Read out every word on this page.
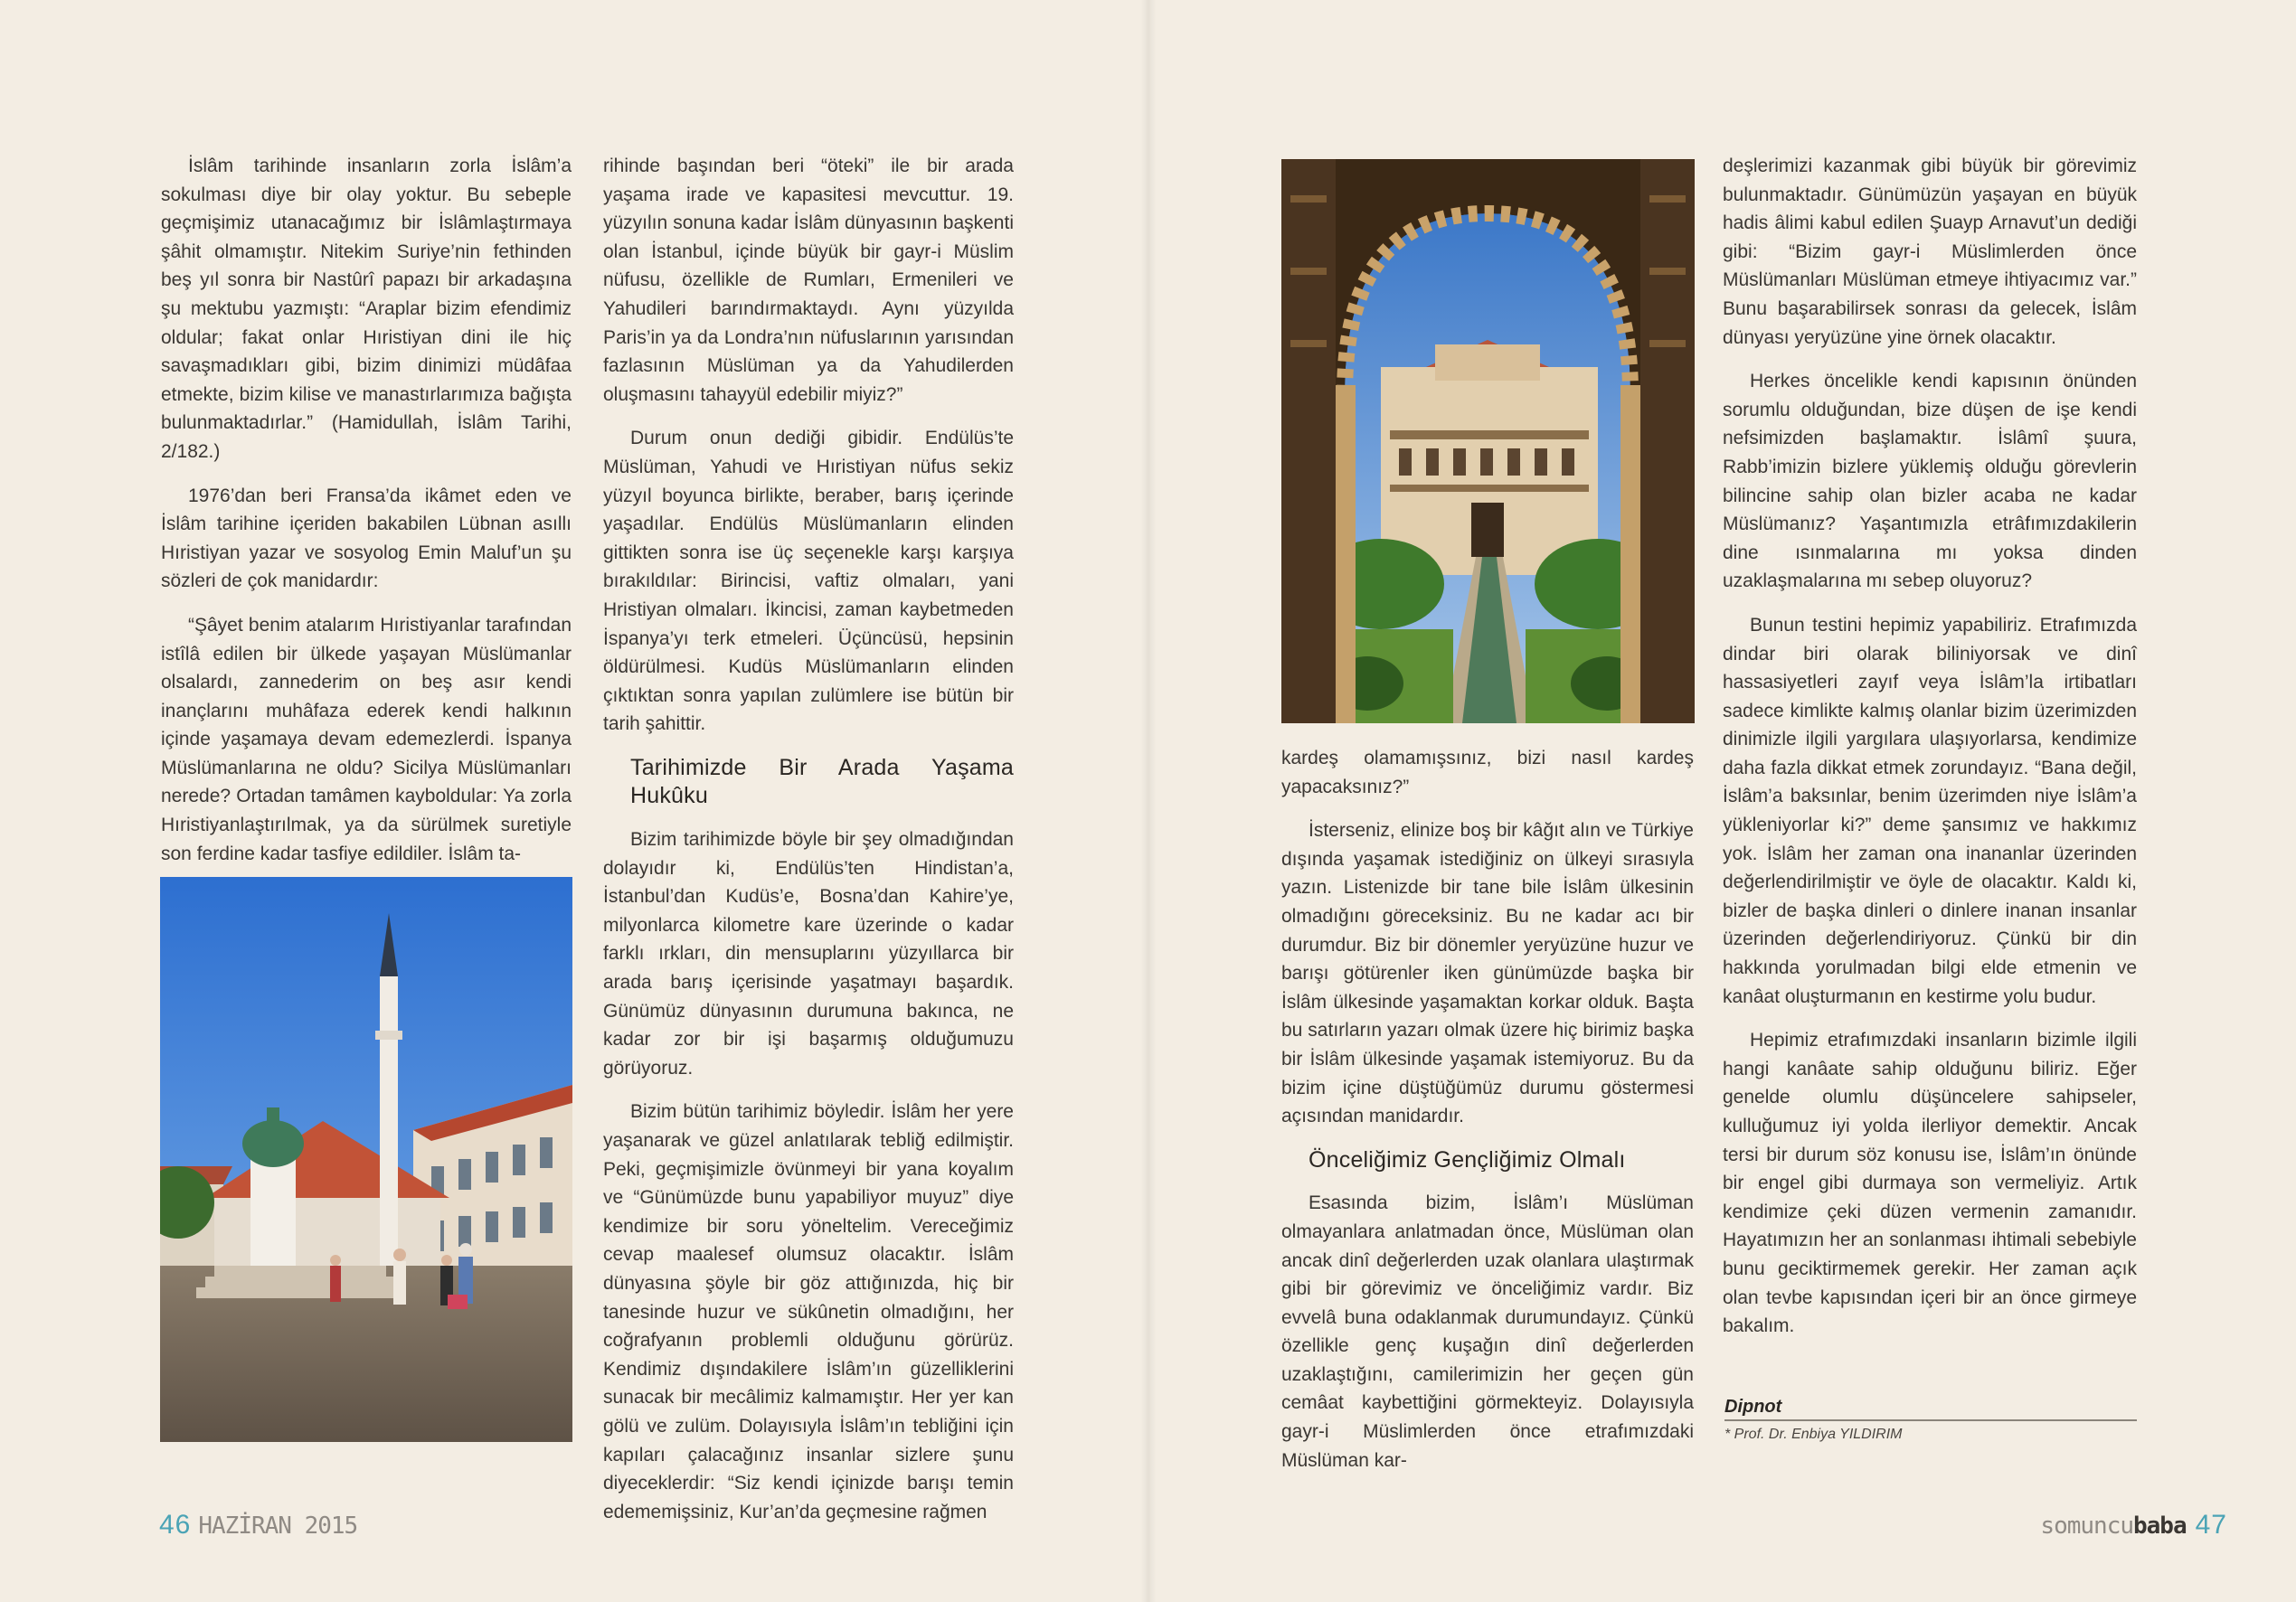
İslâm tarihinde insanların zorla İslâm’a sokulması diye bir olay yoktur. Bu sebeple geçmişimiz utanacağımız bir İslâmlaştırmaya şâhit olmamıştır. Nitekim Suriye’nin fethinden beş yıl sonra bir Nastûrî papazı bir arkadaşına şu mektubu yazmıştı: “Araplar bizim efendimiz oldular; fakat onlar Hıristiyan dini ile hiç savaşmadıkları gibi, bizim dinimizi müdâfaa etmekte, bizim kilise ve manastırlarımıza bağışta bulunmaktadırlar.” (Hamidullah, İslâm Tarihi, 2/182.)

1976’dan beri Fransa’da ikâmet eden ve İslâm tarihine içeriden bakabilen Lübnan asıllı Hıristiyan yazar ve sosyolog Emin Maluf’un şu sözleri de çok manidardır:

“Şâyet benim atalarım Hıristiyanlar tarafından istîlâ edilen bir ülkede yaşayan Müslümanlar olsalardı, zannederim on beş asır kendi inançlarını muhâfaza ederek kendi halkının içinde yaşamaya devam edemezlerdi. İspanya Müslümanlarına ne oldu? Sicilya Müslümanları nerede? Ortadan tamâmen kayboldular: Ya zorla Hıristiyanlaştırılmak, ya da sürülmek suretiyle son ferdine kadar tasfiye edildiler. İslâm ta-

rihinde başından beri “öteki” ile bir arada yaşama irade ve kapasitesi mevcuttur. 19. yüzyılın sonuna kadar İslâm dünyasının başkenti olan İstanbul, içinde büyük bir gayr-i Müslim nüfusu, özellikle de Rumları, Ermenileri ve Yahudileri barındırmaktaydı. Aynı yüzyılda Paris’in ya da Londra’nın nüfuslarının yarısından fazlasının Müslüman ya da Yahudilerden oluşmasını tahayyül edebilir miyiz?”

Durum onun dediği gibidir. Endülüs’te Müslüman, Yahudi ve Hıristiyan nüfus sekiz yüzyıl boyunca birlikte, beraber, barış içerinde yaşadılar. Endülüs Müslümanların elinden gittikten sonra ise üç seçenekle karşı karşıya bırakıldılar: Birincisi, vaftiz olmaları, yani Hristiyan olmaları. İkincisi, zaman kaybetmeden İspanya’yı terk etmeleri. Üçüncüsü, hepsinin öldürülmesi. Kudüs Müslümanların elinden çıktıktan sonra yapılan zulümlere ise bütün bir tarih şahittir.

Tarihimizde Bir Arada Yaşama Hukûku

Bizim tarihimizde böyle bir şey olmadığından dolayıdır ki, Endülüs’ten Hindistan’a, İstanbul’dan Kudüs’e, Bosna’dan Kahire’ye, milyonlarca kilometre kare üzerinde o kadar farklı ırkları, din mensuplarını yüzyıllarca bir arada barış içerisinde yaşatmayı başardık. Günümüz dünyasının durumuna bakınca, ne kadar zor bir işi başarmış olduğumuzu görüyoruz.

Bizim bütün tarihimiz böyledir. İslâm her yere yaşanarak ve güzel anlatılarak tebliğ edilmiştir. Peki, geçmişimizle övünmeyi bir yana koyalım ve “Günümüzde bunu yapabiliyor muyuz” diye kendimize bir soru yöneltelim. Vereceğimiz cevap maalesef olumsuz olacaktır. İslâm dünyasına şöyle bir göz attığınızda, hiç bir tanesinde huzur ve sükûnetin olmadığını, her coğrafyanın problemli olduğunu görürüz. Kendimiz dışındakilere İslâm’ın güzelliklerini sunacak bir mecâlimiz kalmamıştır. Her yer kan gölü ve zulüm. Dolayısıyla İslâm’ın tebliğini için kapıları çalacağınız insanlar sizlere şunu diyeceklerdir: “Siz kendi içinizde barışı temin edememişsiniz, Kur’an’da geçmesine rağmen

46 HAZİRAN 2015

kardeş olamamışsınız, bizi nasıl kardeş yapacaksınız?”

İsterseniz, elinize boş bir kâğıt alın ve Türkiye dışında yaşamak istediğiniz on ülkeyi sırasıyla yazın. Listenizde bir tane bile İslâm ülkesinin olmadığını göreceksiniz. Bu ne kadar acı bir durumdur. Biz bir dönemler yeryüzüne huzur ve barışı götürenler iken günümüzde başka bir İslâm ülkesinde yaşamaktan korkar olduk. Başta bu satırların yazarı olmak üzere hiç birimiz başka bir İslâm ülkesinde yaşamak istemiyoruz. Bu da bizim içine düştüğümüz durumu göstermesi açısından manidardır.

Önceliğimiz Gençliğimiz Olmalı

Esasında bizim, İslâm’ı Müslüman olmayanlara anlatmadan önce, Müslüman olan ancak dinî değerlerden uzak olanlara ulaştırmak gibi bir görevimiz ve önceliğimiz vardır. Biz evvelâ buna odaklanmak durumundayız. Çünkü özellikle genç kuşağın dinî değerlerden uzaklaştığını, camilerimizin her geçen gün cemâat kaybettiğini görmekteyiz. Dolayısıyla gayr-i Müslimlerden önce etrafımızdaki Müslüman kar-

deşlerimizi kazanmak gibi büyük bir görevimiz bulunmaktadır. Günümüzün yaşayan en büyük hadis âlimi kabul edilen Şuayp Arnavut’un dediği gibi: “Bizim gayr-i Müslimlerden önce Müslümanları Müslüman etmeye ihtiyacımız var.” Bunu başarabilirsek sonrası da gelecek, İslâm dünyası yeryüzüne yine örnek olacaktır.

Herkes öncelikle kendi kapısının önünden sorumlu olduğundan, bize düşen de işe kendi nefsimizden başlamaktır. İslâmî şuura, Rabb’imizin bizlere yüklemiş olduğu görevlerin bilincine sahip olan bizler acaba ne kadar Müslümanız? Yaşantımızla etrâfımızdakilerin dine ısınmalarına mı yoksa dinden uzaklaşmalarına mı sebep oluyoruz?

Bunun testini hepimiz yapabiliriz. Etrafımızda dindar biri olarak biliniyorsak ve dinî hassasiyetleri zayıf veya İslâm’la irtibatları sadece kimlikte kalmış olanlar bizim üzerimizden dinimizle ilgili yargılara ulaşıyorlarsa, kendimize daha fazla dikkat etmek zorundayız. “Bana değil, İslâm’a baksınlar, benim üzerimden niye İslâm’a yükleniyorlar ki?” deme şansımız ve hakkımız yok. İslâm her zaman ona inananlar üzerinden değerlendirilmiştir ve öyle de olacaktır. Kaldı ki, bizler de başka dinleri o dinlere inanan insanlar üzerinden değerlendiriyoruz. Çünkü bir din hakkında yorulmadan bilgi elde etmenin ve kanâat oluşturmanın en kestirme yolu budur.

Hepimiz etrafımızdaki insanların bizimle ilgili hangi kanâate sahip olduğunu biliriz. Eğer genelde olumlu düşüncelere sahipseler, kulluğumuz iyi yolda ilerliyor demektir. Ancak tersi bir durum söz konusu ise, İslâm’ın önünde bir engel gibi durmaya son vermeliyiz. Artık kendimize çeki düzen vermenin zamanıdır. Hayatımızın her an sonlanması ihtimali sebebiyle bunu geciktirmemek gerekir. Her zaman açık olan tevbe kapısından içeri bir an önce girmeye bakalım.

Dipnot
* Prof. Dr. Enbiya YILDIRIM
somuncubaba 47
